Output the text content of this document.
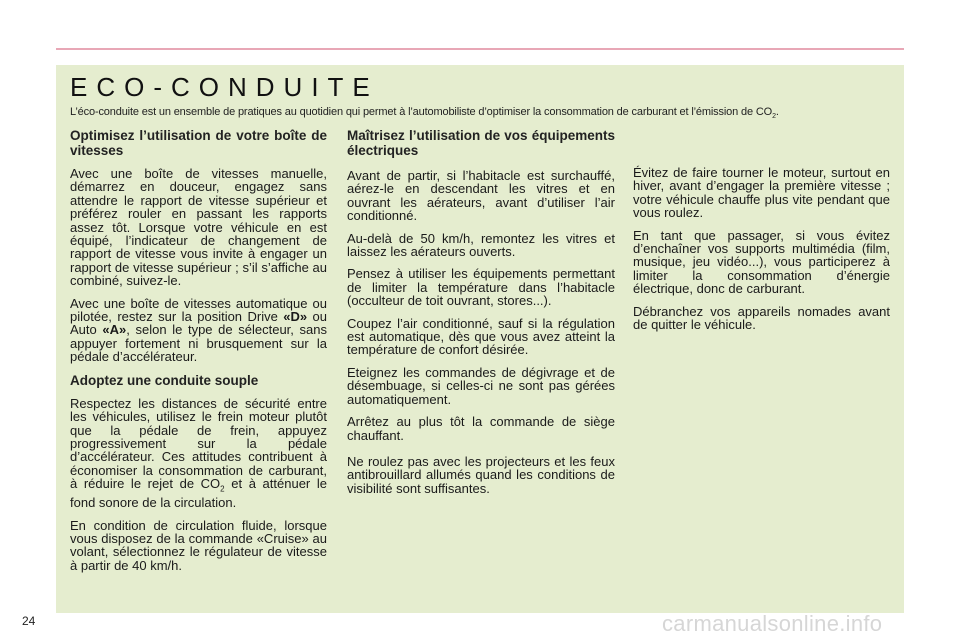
ECO-CONDUITE
L’éco-conduite est un ensemble de pratiques au quotidien qui permet à l’automobiliste d’optimiser la consommation de carburant et l’émission de $CO_2$.
Optimisez l’utilisation de votre boîte de vitesses

Avec une boîte de vitesses manuelle, démarrez en douceur, engagez sans attendre le rapport de vitesse supérieur et préférez rouler en passant les rapports assez tôt. Lorsque votre véhicule en est équipé, l’indicateur de changement de rapport de vitesse vous invite à engager un rapport de vitesse supérieur ; s’il s’affiche au combiné, suivez-le.

Avec une boîte de vitesses automatique ou pilotée, restez sur la position Drive «D» ou Auto «A», selon le type de sélecteur, sans appuyer fortement ni brusquement sur la pédale d’accélérateur.

Adoptez une conduite souple

Respectez les distances de sécurité entre les véhicules, utilisez le frein moteur plutôt que la pédale de frein, appuyez progressivement sur la pédale d’accélérateur. Ces attitudes contribuent à économiser la consommation de carburant, à réduire le rejet de $CO_2$ et à atténuer le fond sonore de la circulation.

En condition de circulation fluide, lorsque vous disposez de la commande «Cruise» au volant, sélectionnez le régulateur de vitesse à partir de 40 km/h.

Maîtrisez l’utilisation de vos équipements électriques

Avant de partir, si l’habitacle est surchauffé, aérez-le en descendant les vitres et en ouvrant les aérateurs, avant d’utiliser l’air conditionné.

Au-delà de 50 km/h, remontez les vitres et laissez les aérateurs ouverts.

Pensez à utiliser les équipements permettant de limiter la température dans l’habitacle (occulteur de toit ouvrant, stores...).

Coupez l’air conditionné, sauf si la régulation est automatique, dès que vous avez atteint la température de confort désirée.

Eteignez les commandes de dégivrage et de désembuage, si celles-ci ne sont pas gérées automatiquement.

Arrêtez au plus tôt la commande de siège chauffant.

Ne roulez pas avec les projecteurs et les feux antibrouillard allumés quand les conditions de visibilité sont suffisantes.

Évitez de faire tourner le moteur, surtout en hiver, avant d’engager la première vitesse ; votre véhicule chauffe plus vite pendant que vous roulez.

En tant que passager, si vous évitez d’enchaîner vos supports multimédia (film, musique, jeu vidéo...), vous participerez à limiter la consommation d’énergie électrique, donc de carburant.

Débranchez vos appareils nomades avant de quitter le véhicule.

24	carmanualsonline.info
